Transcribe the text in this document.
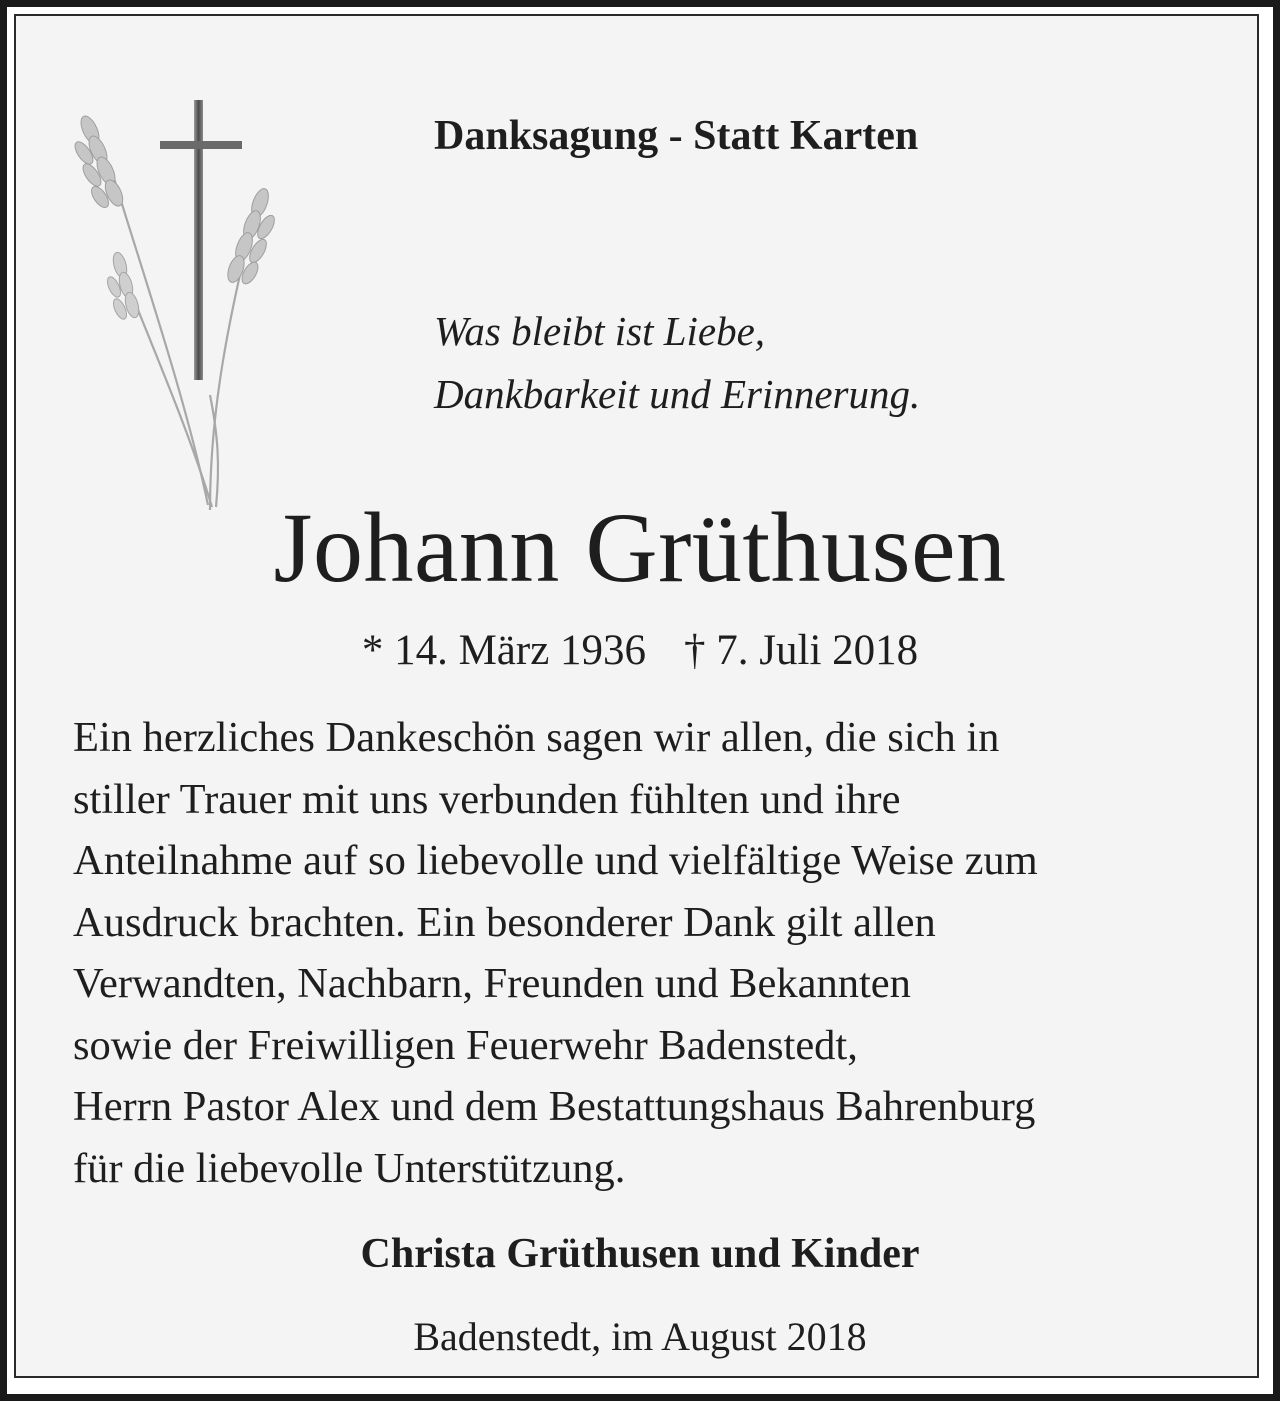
Danksagung - Statt Karten
Was bleibt ist Liebe,
Dankbarkeit und Erinnerung.
Johann Grüthusen
* 14. März 1936 † 7. Juli 2018
Ein herzliches Dankeschön sagen wir allen, die sich in
stiller Trauer mit uns verbunden fühlten und ihre
Anteilnahme auf so liebevolle und vielfältige Weise zum
Ausdruck brachten. Ein besonderer Dank gilt allen
Verwandten, Nachbarn, Freunden und Bekannten
sowie der Freiwilligen Feuerwehr Badenstedt,
Herrn Pastor Alex und dem Bestattungshaus Bahrenburg
für die liebevolle Unterstützung.
Christa Grüthusen und Kinder
Badenstedt, im August 2018
